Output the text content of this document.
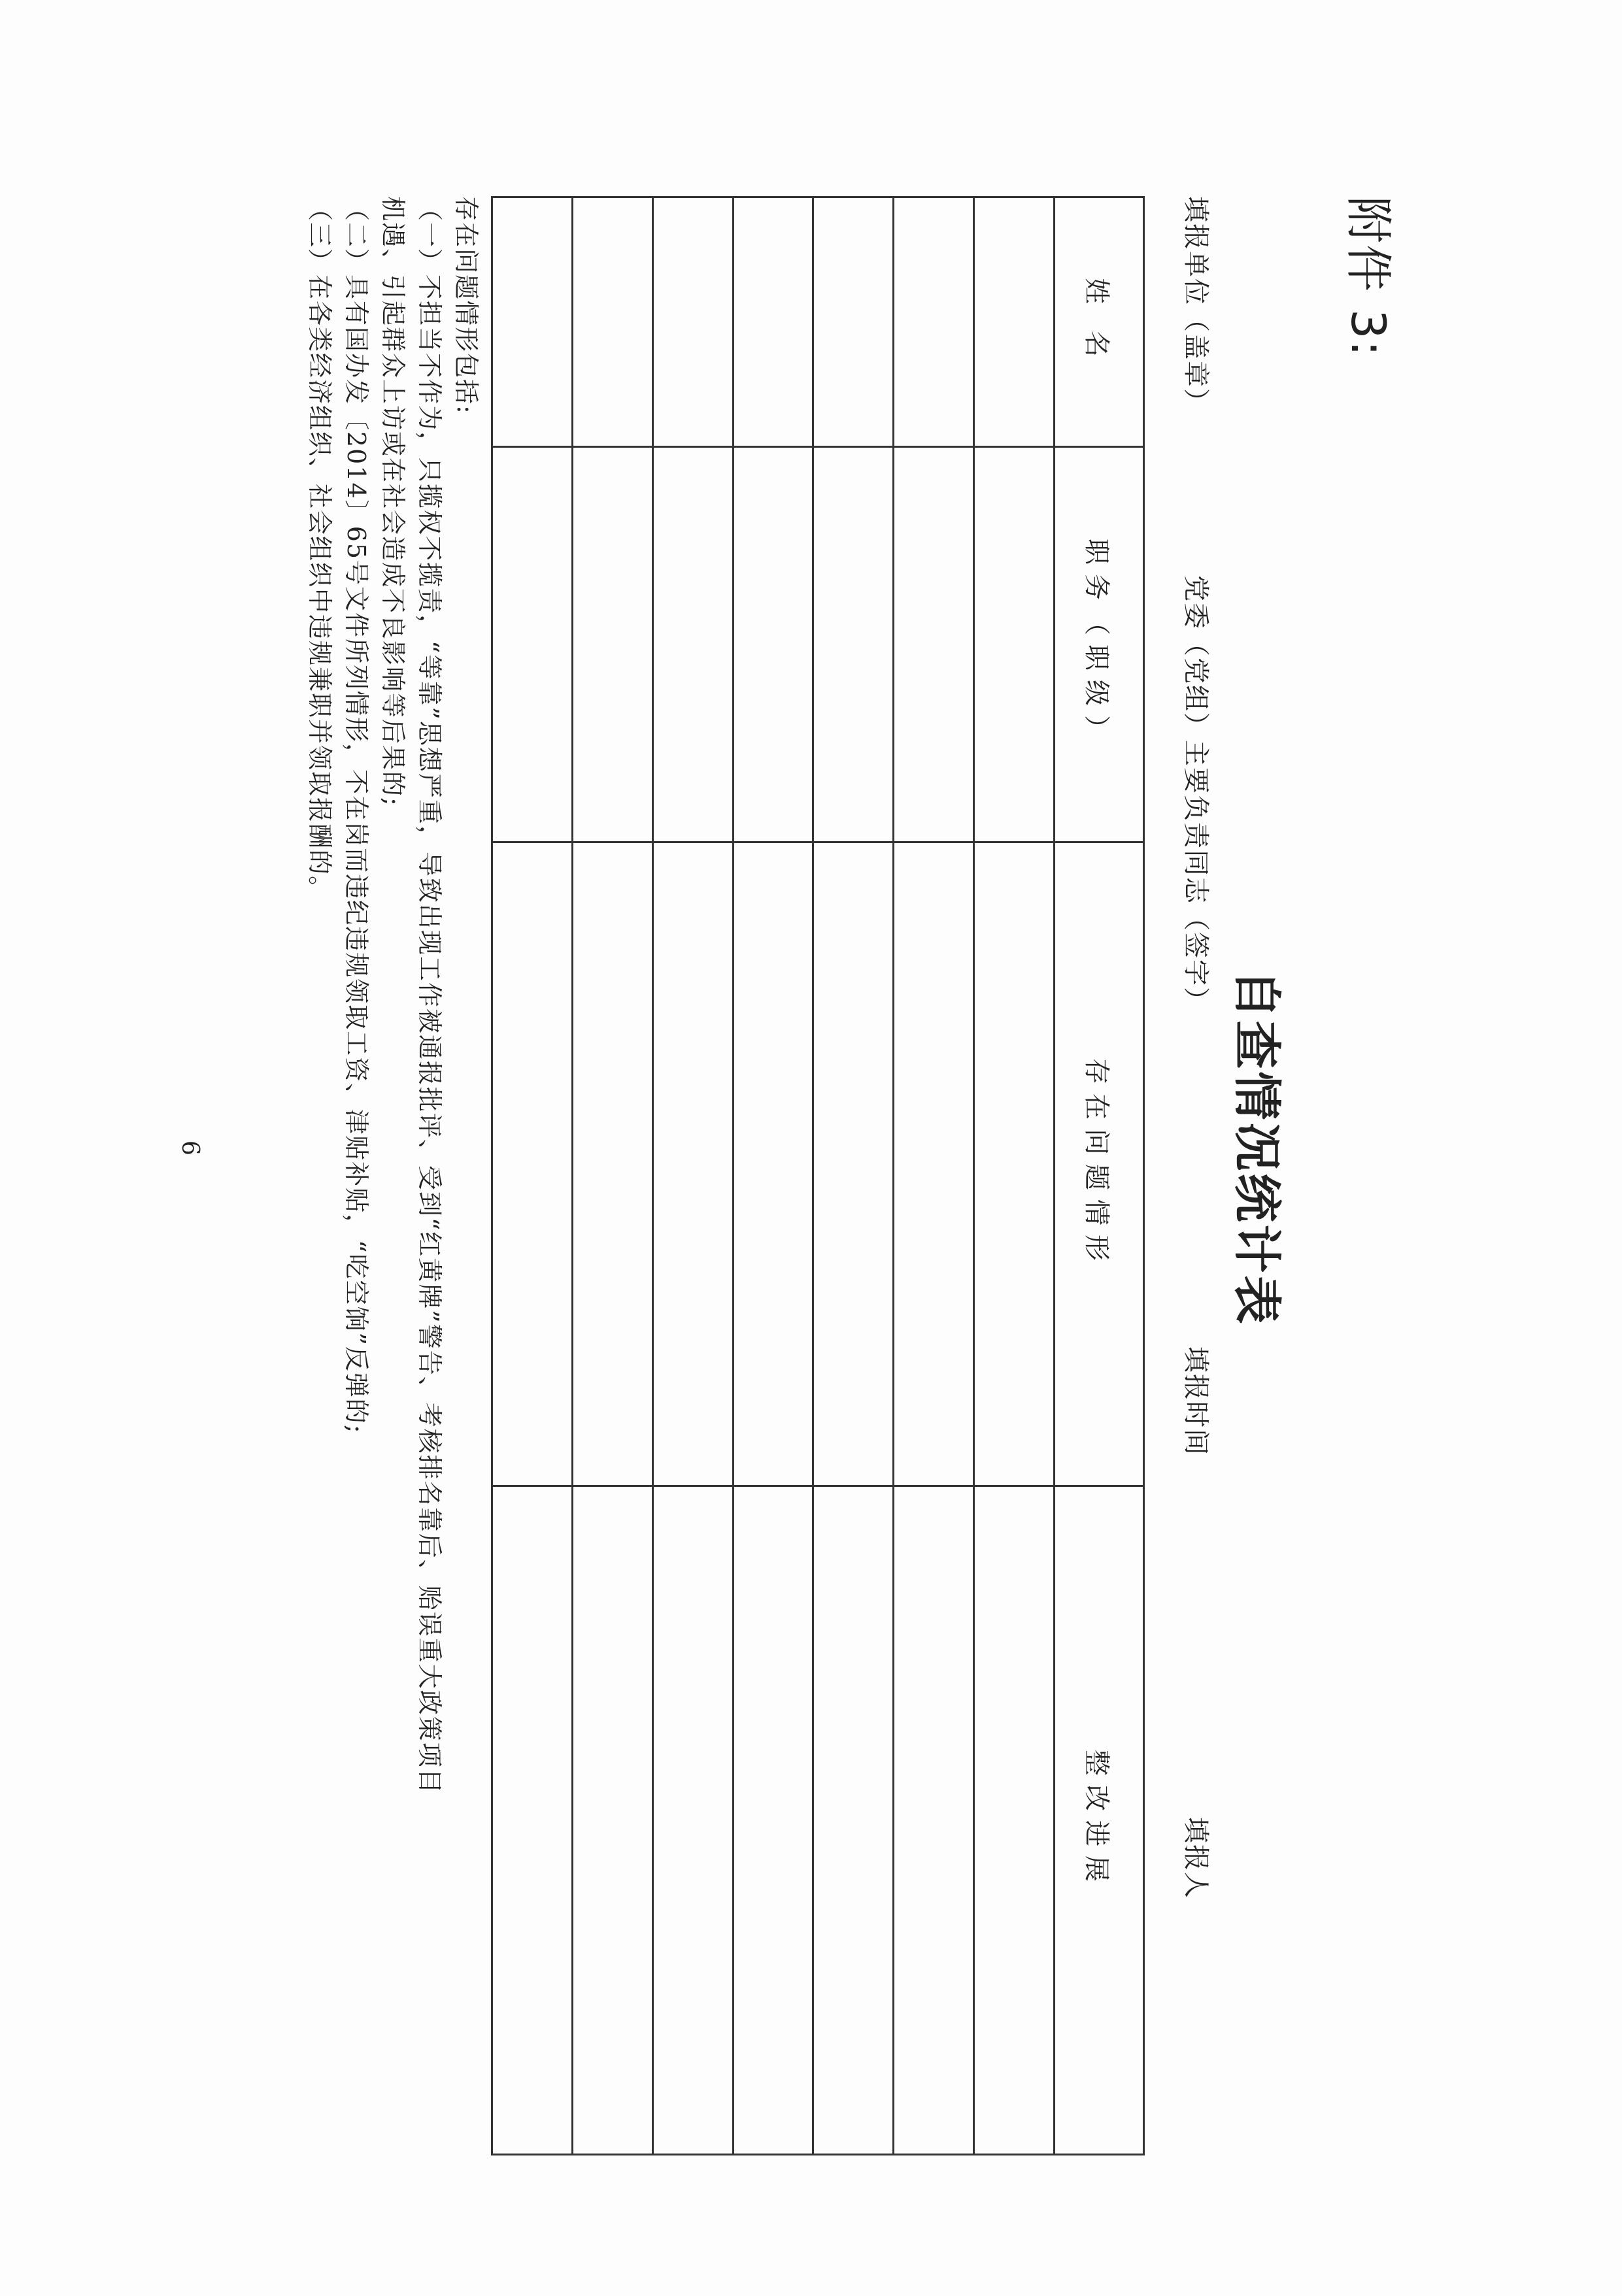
附件 3:
自查情况统计表
填报单位（盖章）
党委（党组）主要负责同志（签字）
填报时间
填报人
姓 名	职务（职级）	存在问题情形	整改进展

存在问题情形包括:
（一）不担当不作为，只揽权不揽责，“等靠”思想严重，导致出现工作被通报批评、受到“红黄牌”警告、考核排名靠后、贻误重大政策项目
机遇、引起群众上访或在社会造成不良影响等后果的;
（二）具有国办发〔2014〕65号文件所列情形，不在岗而违纪违规领取工资、津贴补贴，“吃空饷”反弹的;
（三）在各类经济组织、社会组织中违规兼职并领取报酬的。
6
